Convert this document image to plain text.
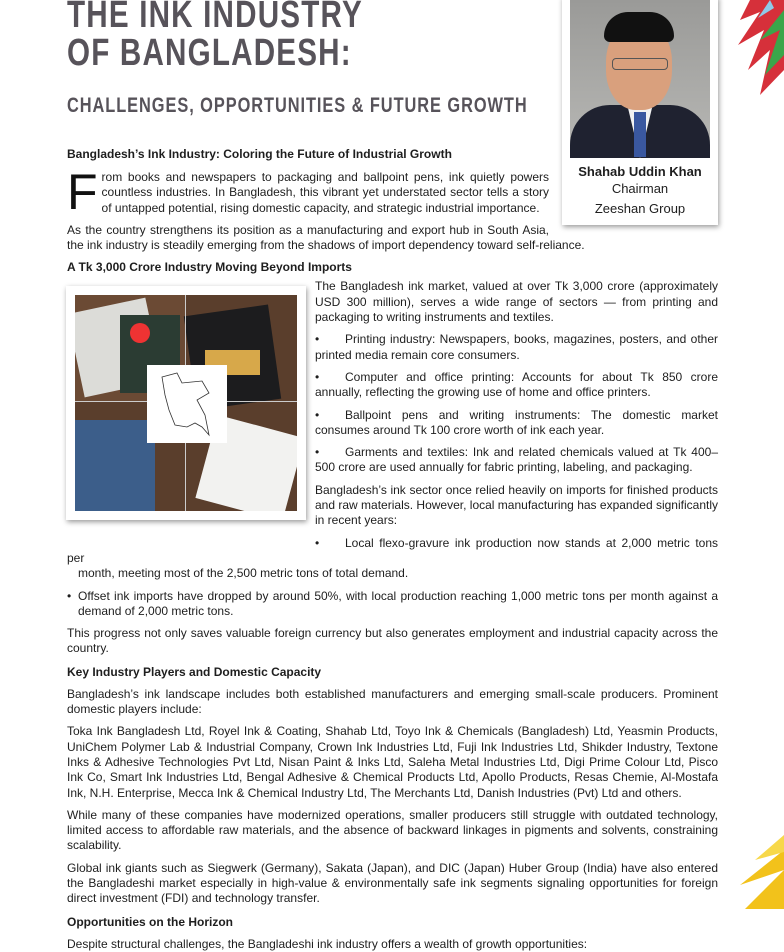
THE INK INDUSTRY
OF BANGLADESH:
CHALLENGES, OPPORTUNITIES & FUTURE GROWTH
Shahab Uddin Khan
Chairman
Zeeshan Group
Bangladesh’s Ink Industry: Coloring the Future of Industrial Growth

From books and newspapers to packaging and ballpoint pens, ink quietly powers countless industries. In Bangladesh, this vibrant yet understated sector tells a story of untapped potential, rising domestic capacity, and strategic industrial importance.

As the country strengthens its position as a manufacturing and export hub in South Asia, the ink industry is steadily emerging from the shadows of import dependency toward self-reliance.

A Tk 3,000 Crore Industry Moving Beyond Imports

The Bangladesh ink market, valued at over Tk 3,000 crore (approximately USD 300 million), serves a wide range of sectors — from printing and packaging to writing instruments and textiles.

• Printing industry: Newspapers, books, magazines, posters, and other printed media remain core consumers.

• Computer and office printing: Accounts for about Tk 850 crore annually, reflecting the growing use of home and office printers.

• Ballpoint pens and writing instruments: The domestic market consumes around Tk 100 crore worth of ink each year.

• Garments and textiles: Ink and related chemicals valued at Tk 400–500 crore are used annually for fabric printing, labeling, and packaging.

Bangladesh’s ink sector once relied heavily on imports for finished products and raw materials. However, local manufacturing has expanded significantly in recent years:

• Local flexo-gravure ink production now stands at 2,000 metric tons per

month, meeting most of the 2,500 metric tons of total demand.

• Offset ink imports have dropped by around 50%, with local production reaching 1,000 metric tons per month against a demand of 2,000 metric tons.

This progress not only saves valuable foreign currency but also generates employment and industrial capacity across the country.

Key Industry Players and Domestic Capacity

Bangladesh’s ink landscape includes both established manufacturers and emerging small-scale producers. Prominent domestic players include:

Toka Ink Bangladesh Ltd, Royel Ink & Coating, Shahab Ltd, Toyo Ink & Chemicals (Bangladesh) Ltd, Yeasmin Products, UniChem Polymer Lab & Industrial Company, Crown Ink Industries Ltd, Fuji Ink Industries Ltd, Shikder Industry, Textone Inks & Adhesive Technologies Pvt Ltd, Nisan Paint & Inks Ltd, Saleha Metal Industries Ltd, Digi Prime Colour Ltd, Pisco Ink Co, Smart Ink Industries Ltd, Bengal Adhesive & Chemical Products Ltd, Apollo Products, Resas Chemie, Al-Mostafa Ink, N.H. Enterprise, Mecca Ink & Chemical Industry Ltd, The Merchants Ltd, Danish Industries (Pvt) Ltd and others.

While many of these companies have modernized operations, smaller producers still struggle with outdated technology, limited access to affordable raw materials, and the absence of backward linkages in pigments and solvents, constraining scalability.

Global ink giants such as Siegwerk (Germany), Sakata (Japan), and DIC (Japan) Huber Group (India) have also entered the Bangladeshi market especially in high-value & environmentally safe ink segments signaling opportunities for foreign direct investment (FDI) and technology transfer.

Opportunities on the Horizon

Despite structural challenges, the Bangladeshi ink industry offers a wealth of growth opportunities:
